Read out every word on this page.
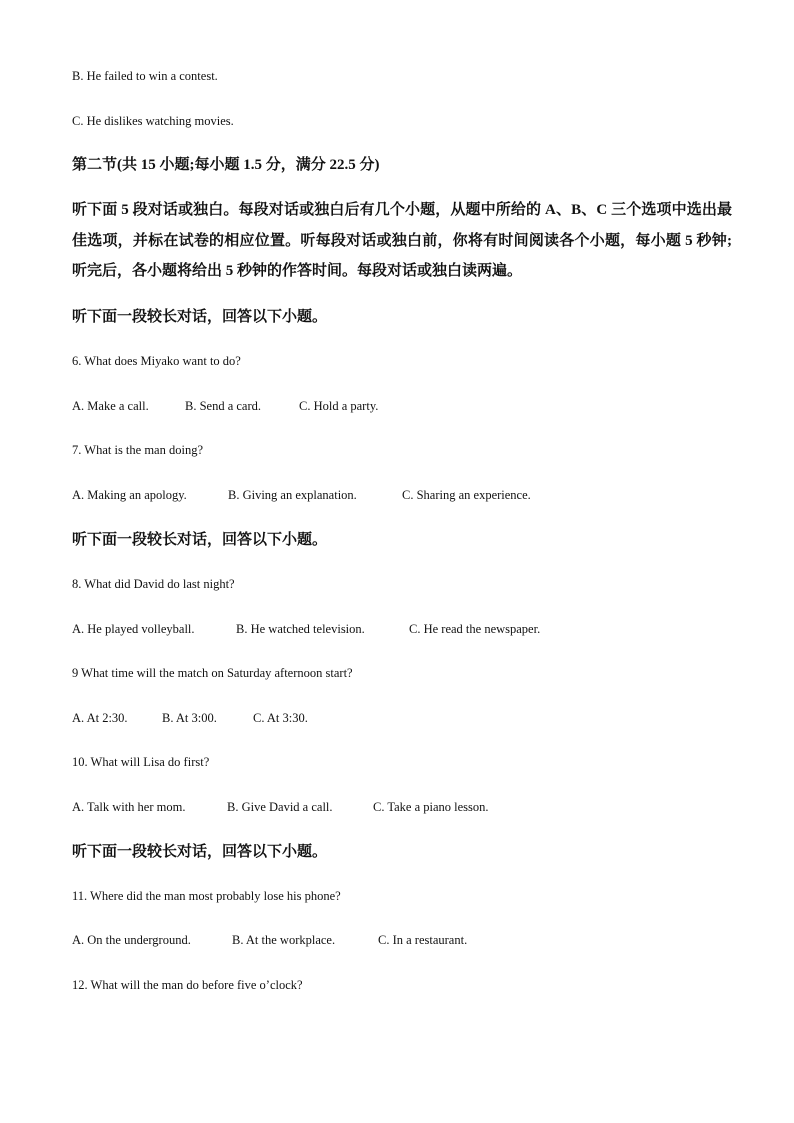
B. He failed to win a contest.
C. He dislikes watching movies.
第二节(共 15 小题;每小题 1.5 分，满分 22.5 分)
听下面 5 段对话或独白。每段对话或独白后有几个小题，从题中所给的 A、B、C 三个选项中选出最佳选项，并标在试卷的相应位置。听每段对话或独白前，你将有时间阅读各个小题，每小题 5 秒钟;听完后，各小题将给出 5 秒钟的作答时间。每段对话或独白读两遍。
听下面一段较长对话，回答以下小题。
6. What does Miyako want to do?
A. Make a call.	B. Send a card.	C. Hold a party.
7. What is the man doing?
A. Making an apology.	B. Giving an explanation.	C. Sharing an experience.
听下面一段较长对话，回答以下小题。
8. What did David do last night?
A. He played volleyball.	B. He watched television.	C. He read the newspaper.
9 What time will the match on Saturday afternoon start?
A. At 2:30.	B. At 3:00.	C. At 3:30.
10. What will Lisa do first?
A. Talk with her mom.	B. Give David a call.	C. Take a piano lesson.
听下面一段较长对话，回答以下小题。
11. Where did the man most probably lose his phone?
A. On the underground.	B. At the workplace.	C. In a restaurant.
12. What will the man do before five o’clock?
